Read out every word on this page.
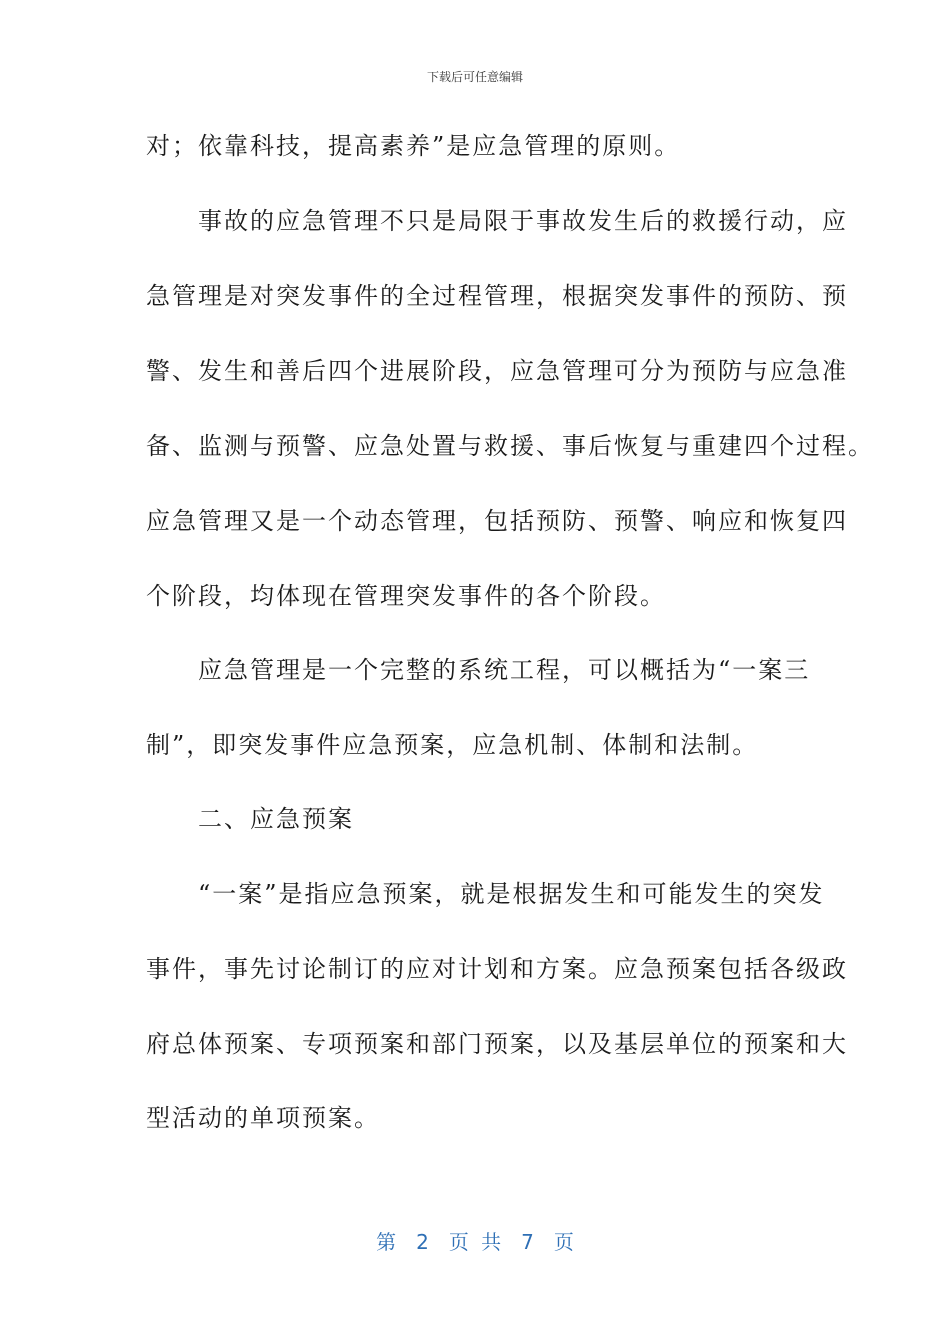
下载后可任意编辑
对；依靠科技，提高素养”是应急管理的原则。
　　事故的应急管理不只是局限于事故发生后的救援行动，应
急管理是对突发事件的全过程管理，根据突发事件的预防、预
警、发生和善后四个进展阶段，应急管理可分为预防与应急准
备、监测与预警、应急处置与救援、事后恢复与重建四个过程。
应急管理又是一个动态管理，包括预防、预警、响应和恢复四
个阶段，均体现在管理突发事件的各个阶段。
　　应急管理是一个完整的系统工程，可以概括为“一案三
制”，即突发事件应急预案，应急机制、体制和法制。
　　二、应急预案
　　“一案”是指应急预案，就是根据发生和可能发生的突发
事件，事先讨论制订的应对计划和方案。应急预案包括各级政
府总体预案、专项预案和部门预案，以及基层单位的预案和大
型活动的单项预案。
第　2　页 共　7　页
